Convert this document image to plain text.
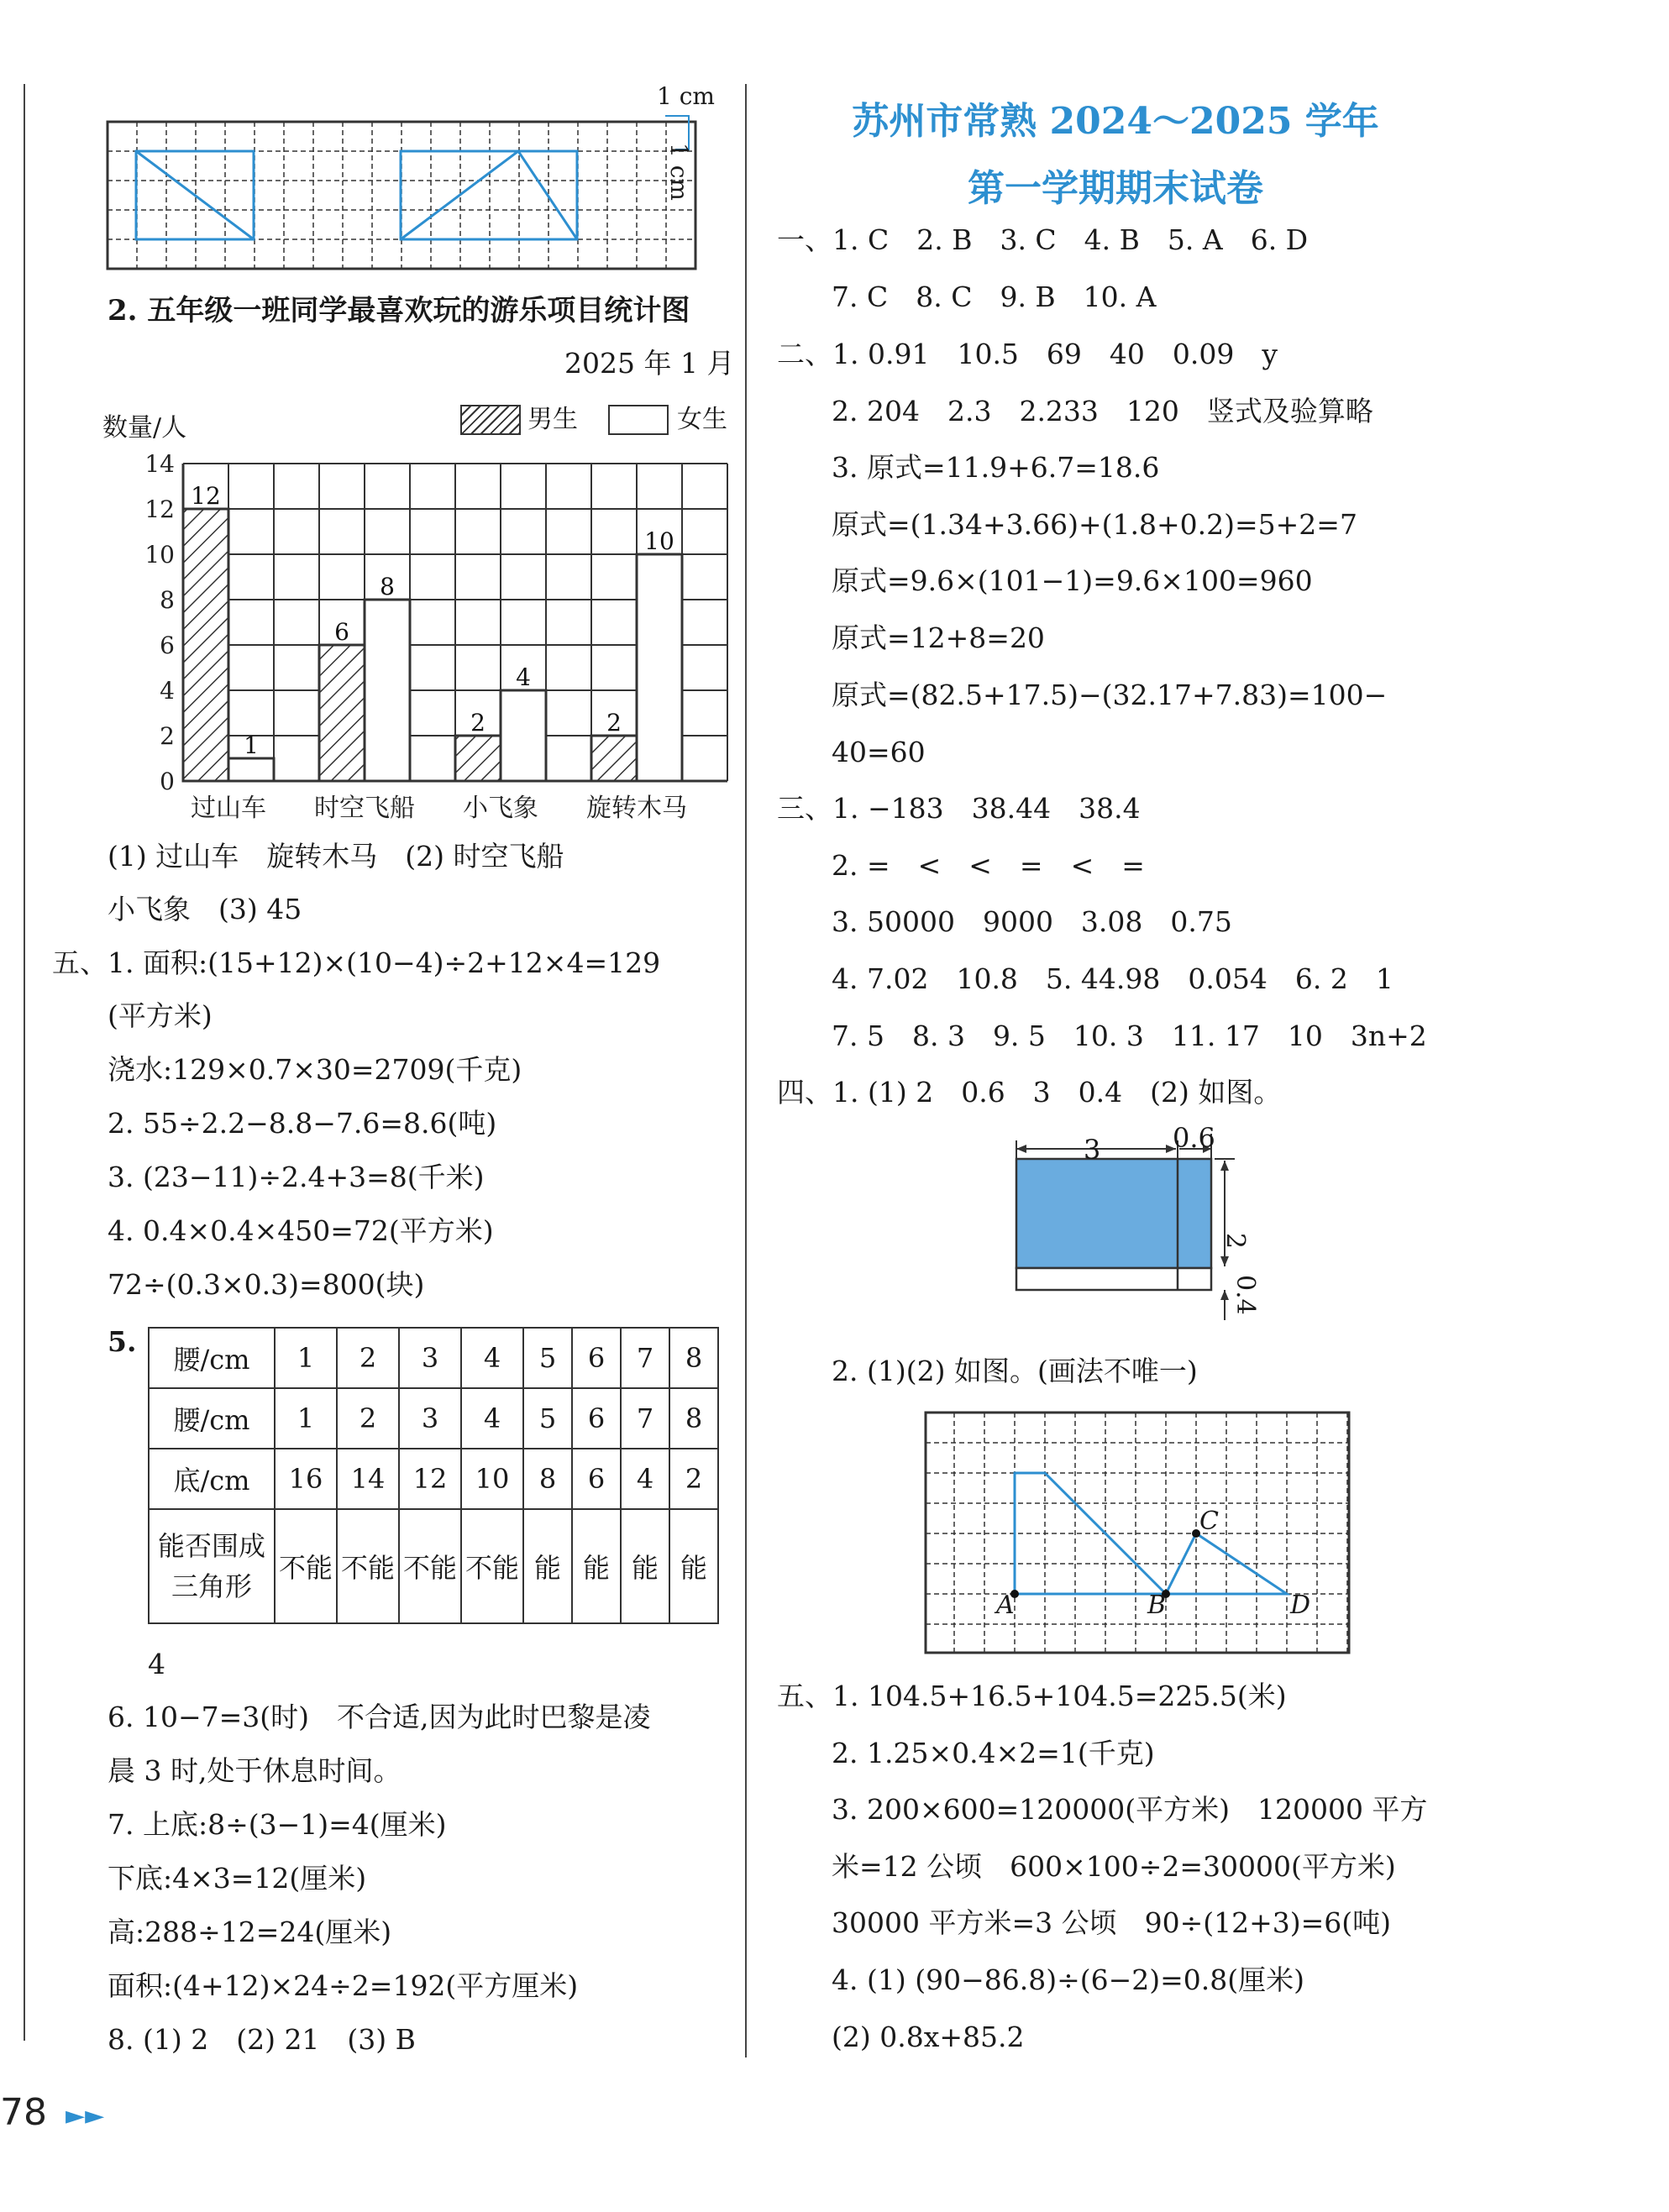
1 cm
1 cm
2. 五年级一班同学最喜欢玩的游乐项目统计图
2025 年 1 月
男生	女生
数量/人
0
2
4
6
8
10
12
14
12
1
过山车
6
8
时空飞船
2
4
小飞象
2
10
旋转木马
(1) 过山车　旋转木马　(2) 时空飞船
小飞象　(3) 45
五、1. 面积:(15+12)×(10−4)÷2+12×4=129
(平方米)
浇水:129×0.7×30=2709(千克)
2. 55÷2.2−8.8−7.6=8.6(吨)
3. (23−11)÷2.4+3=8(千米)
4. 0.4×0.4×450=72(平方米)
72÷(0.3×0.3)=800(块)
5.
腰/cm	1	2	3	4	5	6	7	8
腰/cm	1	2	3	4	5	6	7	8
底/cm	16	14	12	10	8	6	4	2
能否围成三角形	不能	不能	不能	不能	能	能	能	能
4
6. 10−7=3(时)　不合适,因为此时巴黎是凌
晨 3 时,处于休息时间。
7. 上底:8÷(3−1)=4(厘米)
下底:4×3=12(厘米)
高:288÷12=24(厘米)
面积:(4+12)×24÷2=192(平方厘米)
8. (1) 2　(2) 21　(3) B
苏州市常熟 2024～2025 学年
第一学期期末试卷
一、1. C　2. B　3. C　4. B　5. A　6. D
7. C　8. C　9. B　10. A
二、1. 0.91　10.5　69　40　0.09　y
2. 204　2.3　2.233　120　竖式及验算略
3. 原式=11.9+6.7=18.6
原式=(1.34+3.66)+(1.8+0.2)=5+2=7
原式=9.6×(101−1)=9.6×100=960
原式=12+8=20
原式=(82.5+17.5)−(32.17+7.83)=100−
40=60
三、1. −183　38.44　38.4
2. =　<　<　=　<　=
3. 50000　9000　3.08　0.75
4. 7.02　10.8　5. 44.98　0.054　6. 2　1
7. 5　8. 3　9. 5　10. 3　11. 17　10　3n+2
四、1. (1) 2　0.6　3　0.4　(2) 如图。
3	0.6
2
0.4
2. (1)(2) 如图。(画法不唯一)
A	B
C
D
五、1. 104.5+16.5+104.5=225.5(米)
2. 1.25×0.4×2=1(千克)
3. 200×600=120000(平方米)　120000 平方
米=12 公顷　600×100÷2=30000(平方米)
30000 平方米=3 公顷　90÷(12+3)=6(吨)
4. (1) (90−86.8)÷(6−2)=0.8(厘米)
(2) 0.8x+85.2
78 ►►
